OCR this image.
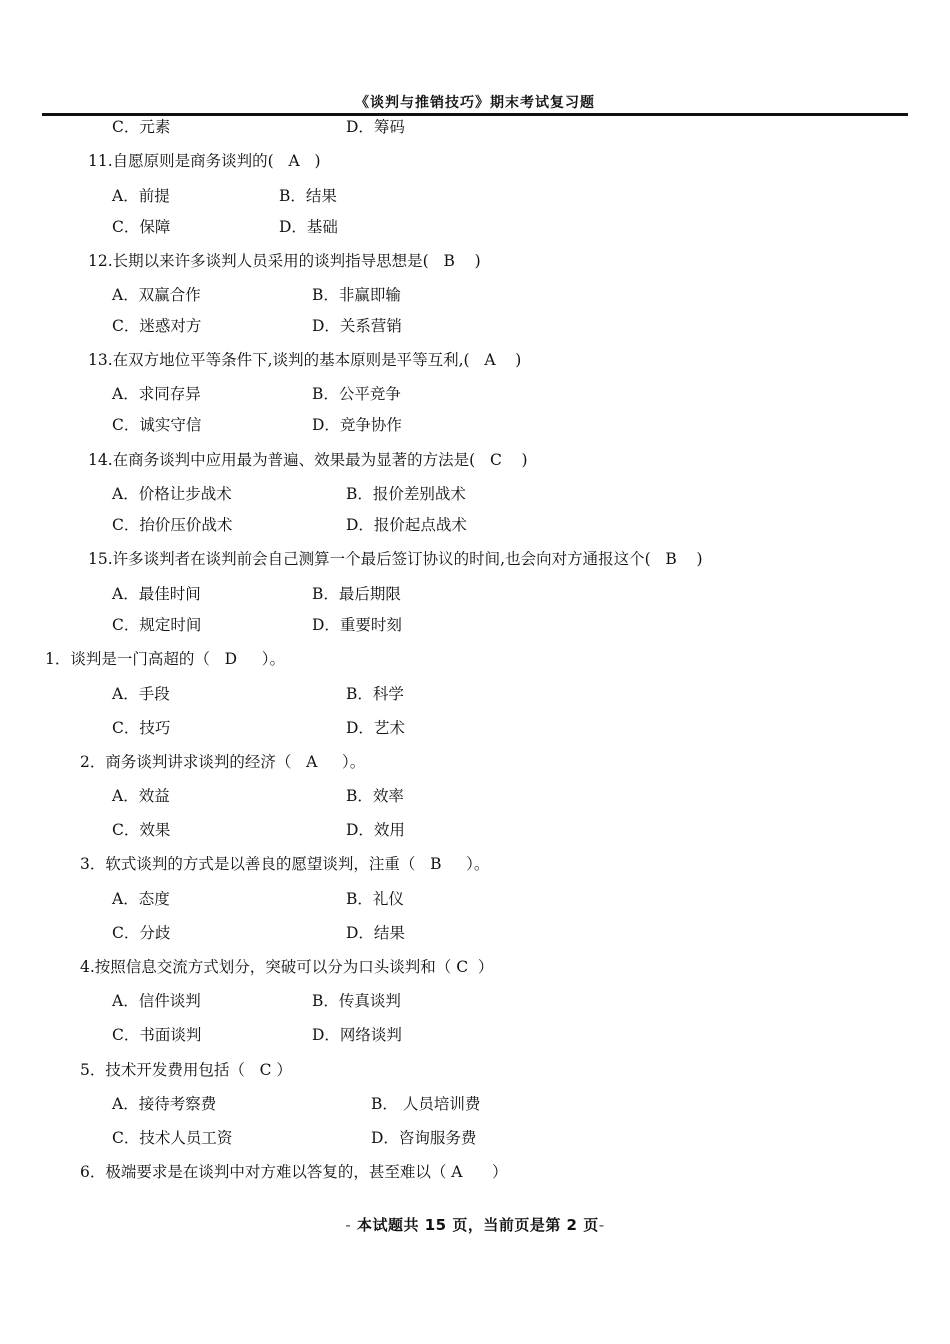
《谈判与推销技巧》期末考试复习题
C．元素	D．筹码
11.自愿原则是商务谈判的(   A   )
A．前提	B．结果
C．保障	D．基础
12.长期以来许多谈判人员采用的谈判指导思想是(   B    )
A．双赢合作	B．非赢即输
C．迷惑对方	D．关系营销
13.在双方地位平等条件下,谈判的基本原则是平等互利,(   A    )
A．求同存异	B．公平竞争
C．诚实守信	D．竞争协作
14.在商务谈判中应用最为普遍、效果最为显著的方法是(   C    )
A．价格让步战术	B．报价差别战术
C．抬价压价战术	D．报价起点战术
15.许多谈判者在谈判前会自己测算一个最后签订协议的时间,也会向对方通报这个(   B    )
A．最佳时间	B．最后期限
C．规定时间	D．重要时刻
1．谈判是一门高超的（   D     ）。
A．手段	B．科学
C．技巧	D．艺术
2．商务谈判讲求谈判的经济（   A     ）。
A．效益	B．效率
C．效果	D．效用
3．软式谈判的方式是以善良的愿望谈判，注重（   B     ）。
A．态度	B．礼仪
C．分歧	D．结果
4.按照信息交流方式划分，突破可以分为口头谈判和（ C  ）
A．信件谈判	B．传真谈判
C．书面谈判	D．网络谈判
5．技术开发费用包括（   C ）
A．接待考察费	B． 人员培训费
C．技术人员工资	D．咨询服务费
6．极端要求是在谈判中对方难以答复的，甚至难以（ A      ）
- 本试题共 15 页，当前页是第 2 页-
